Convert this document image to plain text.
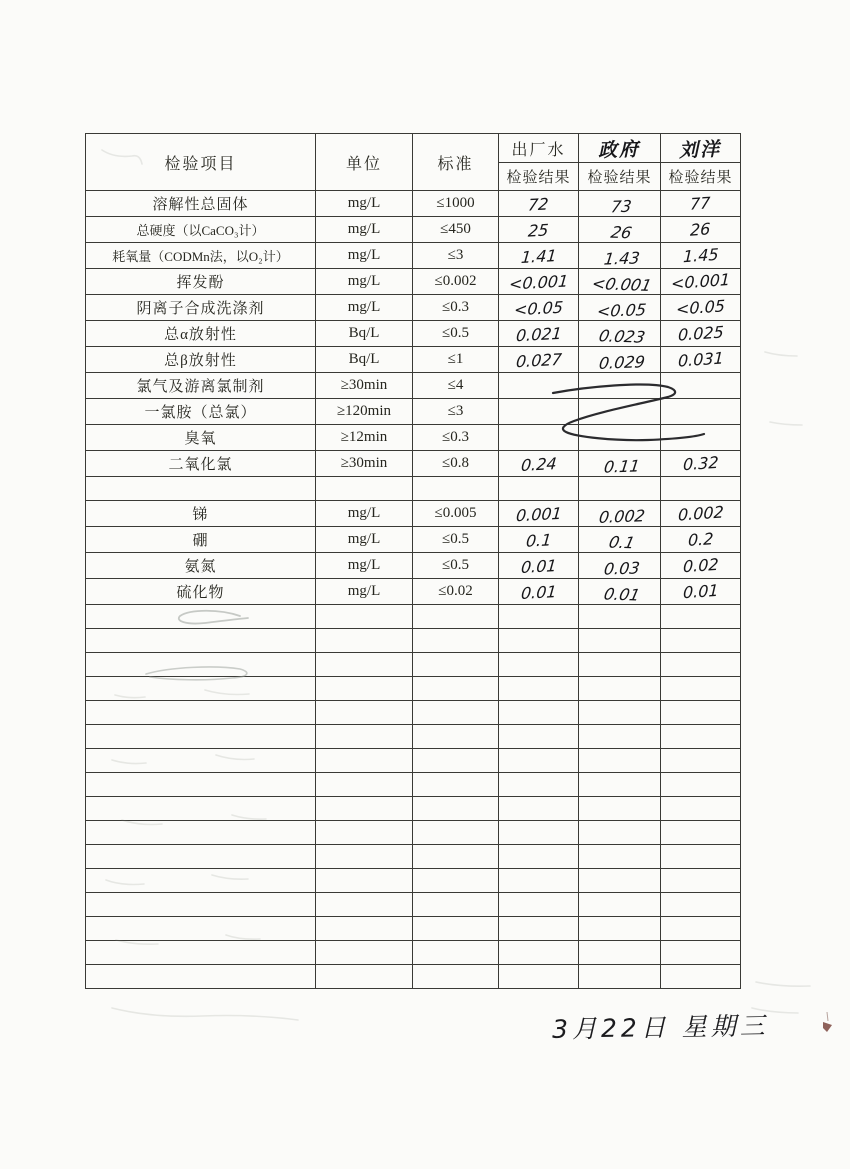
检验项目	单位	标准	出厂水	政府	刘洋
			检验结果	检验结果	检验结果
溶解性总固体	mg/L	≤1000	72	73	77
总硬度（以CaCO₃计）	mg/L	≤450	25	26	26
耗氧量（CODMn法，以O₂计）	mg/L	≤3	1.41	1.43	1.45
挥发酚	mg/L	≤0.002	<0.001	<0.001	<0.001
阴离子合成洗涤剂	mg/L	≤0.3	<0.05	<0.05	<0.05
总α放射性	Bq/L	≤0.5	0.021	0.023	0.025
总β放射性	Bq/L	≤1	0.027	0.029	0.031
氯气及游离氯制剂	≥30min	≤4			
一氯胺（总氯）	≥120min	≤3			
臭氧	≥12min	≤0.3			
二氧化氯	≥30min	≤0.8	0.24	0.11	0.32

锑	mg/L	≤0.005	0.001	0.002	0.002
硼	mg/L	≤0.5	0.1	0.1	0.2
氨氮	mg/L	≤0.5	0.01	0.03	0.02
硫化物	mg/L	≤0.02	0.01	0.01	0.01

3月22日 星期三
